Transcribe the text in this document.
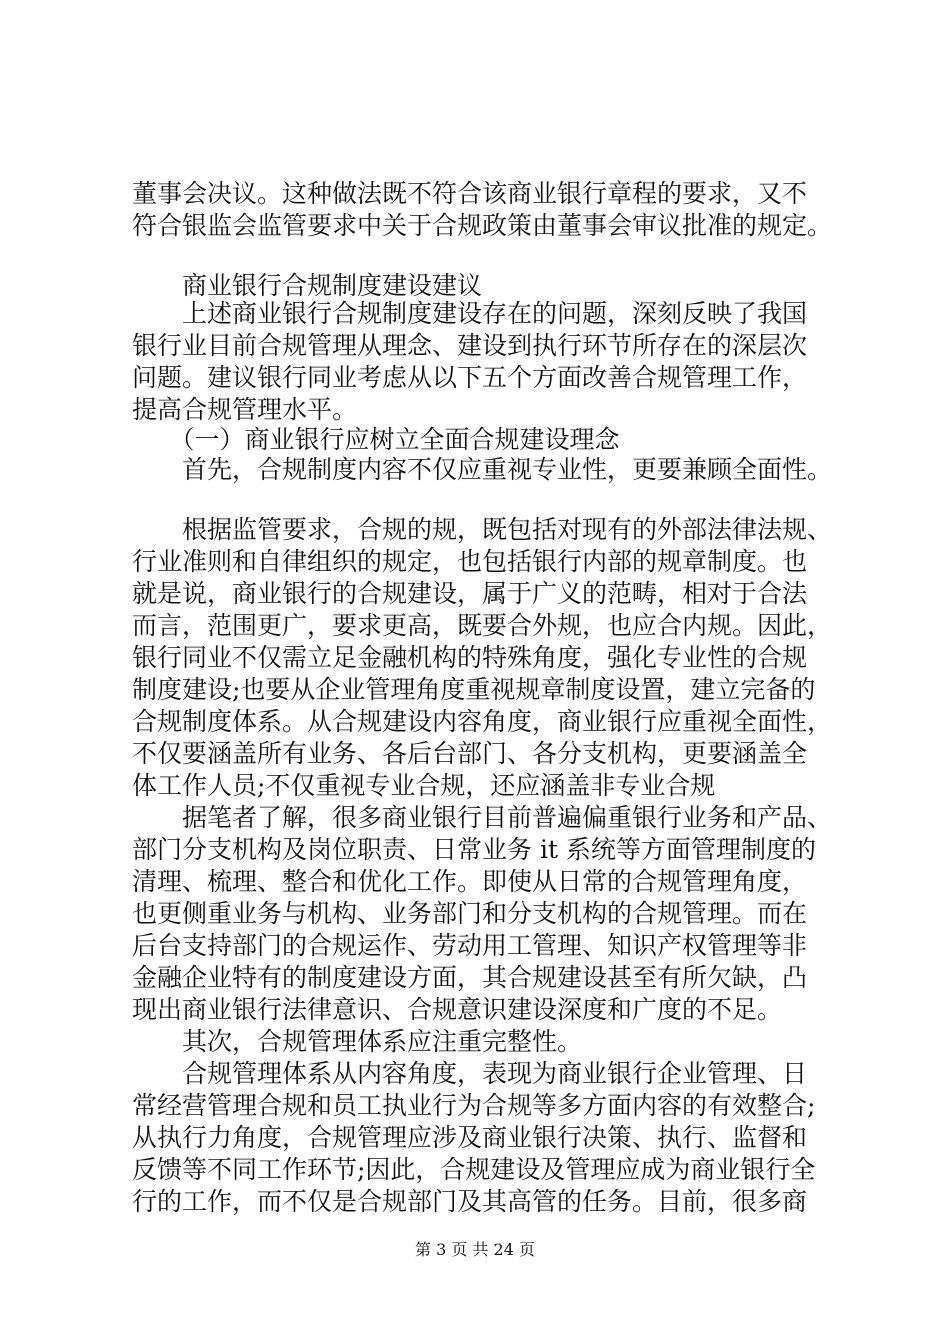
董事会决议。这种做法既不符合该商业银行章程的要求，又不
符合银监会监管要求中关于合规政策由董事会审议批准的规定。
　　商业银行合规制度建设建议
　　上述商业银行合规制度建设存在的问题，深刻反映了我国
银行业目前合规管理从理念、建设到执行环节所存在的深层次
问题。建议银行同业考虑从以下五个方面改善合规管理工作，
提高合规管理水平。
　　（一）商业银行应树立全面合规建设理念
　　首先，合规制度内容不仅应重视专业性，更要兼顾全面性。
　　根据监管要求，合规的规，既包括对现有的外部法律法规、
行业准则和自律组织的规定，也包括银行内部的规章制度。也
就是说，商业银行的合规建设，属于广义的范畴，相对于合法
而言，范围更广，要求更高，既要合外规，也应合内规。因此，
银行同业不仅需立足金融机构的特殊角度，强化专业性的合规
制度建设;也要从企业管理角度重视规章制度设置，建立完备的
合规制度体系。从合规建设内容角度，商业银行应重视全面性，
不仅要涵盖所有业务、各后台部门、各分支机构，更要涵盖全
体工作人员;不仅重视专业合规，还应涵盖非专业合规
　　据笔者了解，很多商业银行目前普遍偏重银行业务和产品、
部门分支机构及岗位职责、日常业务 it 系统等方面管理制度的
清理、梳理、整合和优化工作。即使从日常的合规管理角度，
也更侧重业务与机构、业务部门和分支机构的合规管理。而在
后台支持部门的合规运作、劳动用工管理、知识产权管理等非
金融企业特有的制度建设方面，其合规建设甚至有所欠缺，凸
现出商业银行法律意识、合规意识建设深度和广度的不足。
　　其次，合规管理体系应注重完整性。
　　合规管理体系从内容角度，表现为商业银行企业管理、日
常经营管理合规和员工执业行为合规等多方面内容的有效整合;
从执行力角度，合规管理应涉及商业银行决策、执行、监督和
反馈等不同工作环节;因此，合规建设及管理应成为商业银行全
行的工作，而不仅是合规部门及其高管的任务。目前，很多商
第 3 页 共 24 页
